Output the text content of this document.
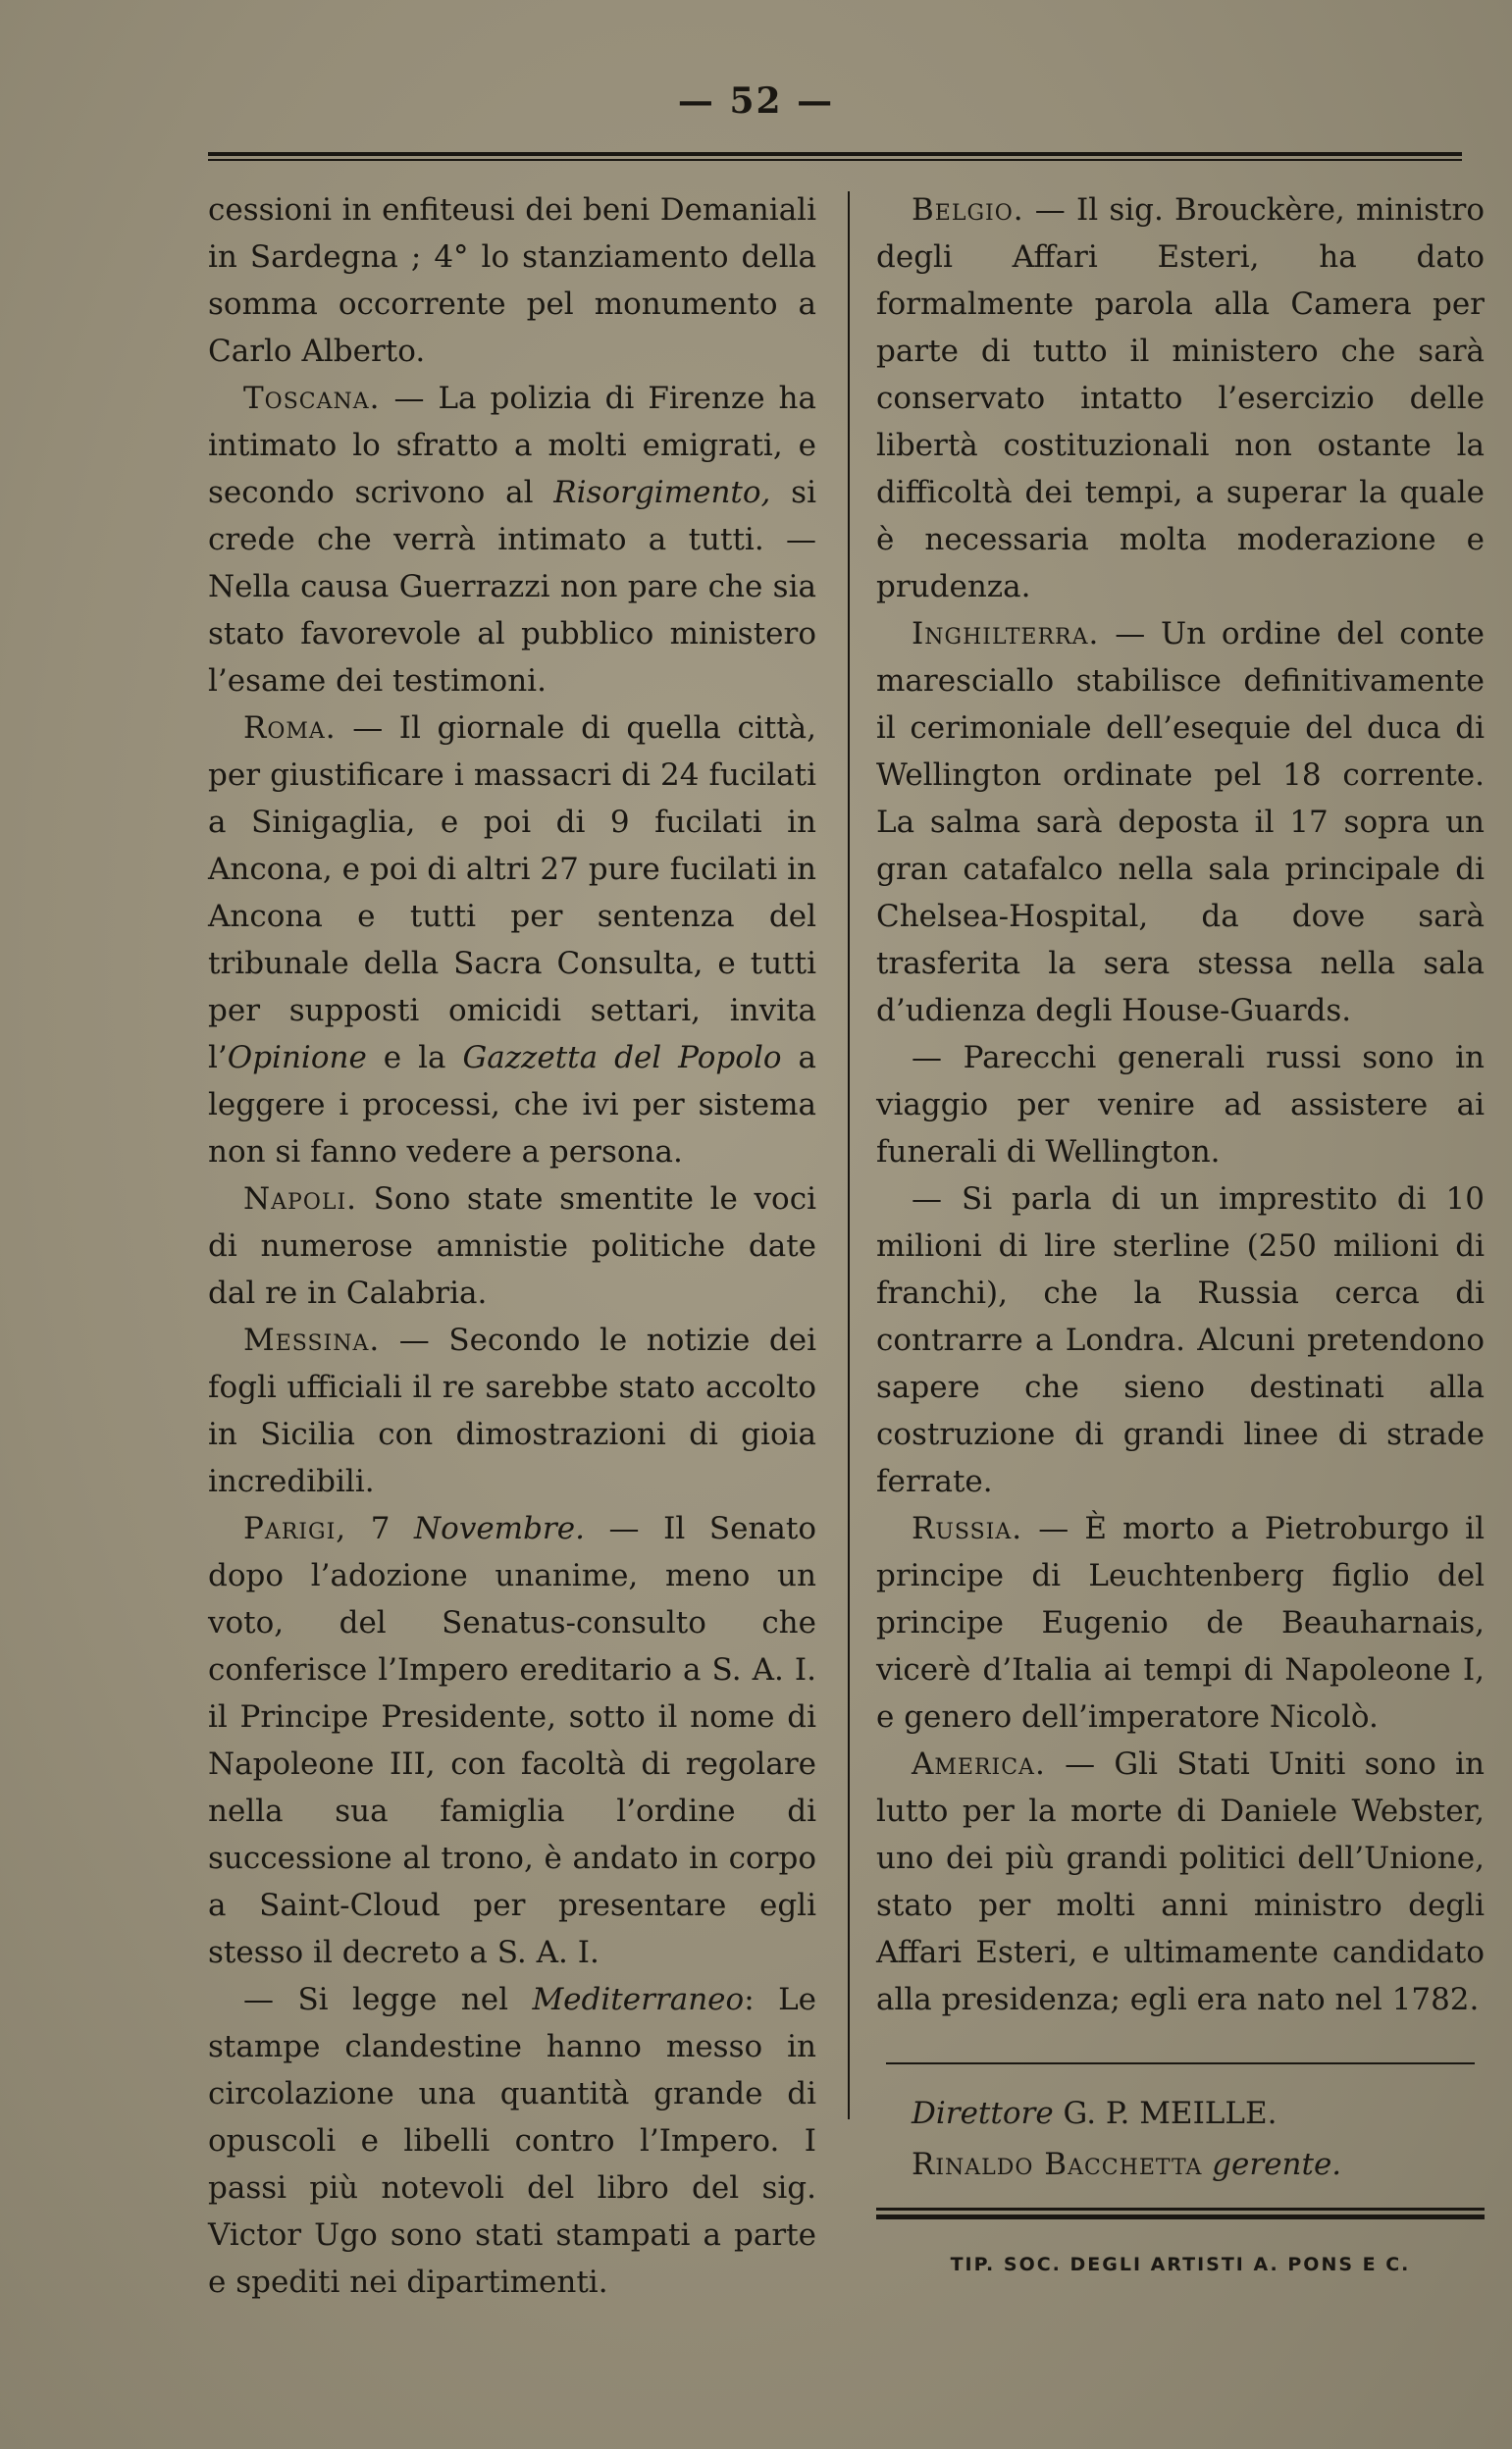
— 52 —

cessioni in enfiteusi dei beni Demaniali in Sardegna ; 4° lo stanziamento della somma occorrente pel monumento a Carlo Alberto.

Toscana. — La polizia di Firenze ha intimato lo sfratto a molti emigrati, e secondo scrivono al Risorgimento, si crede che verrà intimato a tutti. — Nella causa Guerrazzi non pare che sia stato favorevole al pubblico ministero l’esame dei testimoni.

Roma. — Il giornale di quella città, per giustificare i massacri di 24 fucilati a Sinigaglia, e poi di 9 fucilati in Ancona, e poi di altri 27 pure fucilati in Ancona e tutti per sentenza del tribunale della Sacra Consulta, e tutti per supposti omicidi settari, invita l’Opinione e la Gazzetta del Popolo a leggere i processi, che ivi per sistema non si fanno vedere a persona.

Napoli. Sono state smentite le voci di numerose amnistie politiche date dal re in Calabria.

Messina. — Secondo le notizie dei fogli ufficiali il re sarebbe stato accolto in Sicilia con dimostrazioni di gioia incredibili.

Parigi, 7 Novembre. — Il Senato dopo l’adozione unanime, meno un voto, del Senatus-consulto che conferisce l’Impero ereditario a S. A. I. il Principe Presidente, sotto il nome di Napoleone III, con facoltà di regolare nella sua famiglia l’ordine di successione al trono, è andato in corpo a Saint-Cloud per presentare egli stesso il decreto a S. A. I.

— Si legge nel Mediterraneo: Le stampe clandestine hanno messo in circolazione una quantità grande di opuscoli e libelli contro l’Impero. I passi più notevoli del libro del sig. Victor Ugo sono stati stampati a parte e spediti nei dipartimenti.

Belgio. — Il sig. Brouckère, ministro degli Affari Esteri, ha dato formalmente parola alla Camera per parte di tutto il ministero che sarà conservato intatto l’esercizio delle libertà costituzionali non ostante la difficoltà dei tempi, a superar la quale è necessaria molta moderazione e prudenza.

Inghilterra. — Un ordine del conte maresciallo stabilisce definitivamente il cerimoniale dell’esequie del duca di Wellington ordinate pel 18 corrente. La salma sarà deposta il 17 sopra un gran catafalco nella sala principale di Chelsea-Hospital, da dove sarà trasferita la sera stessa nella sala d’udienza degli House-Guards.

— Parecchi generali russi sono in viaggio per venire ad assistere ai funerali di Wellington.

— Si parla di un imprestito di 10 milioni di lire sterline (250 milioni di franchi), che la Russia cerca di contrarre a Londra. Alcuni pretendono sapere che sieno destinati alla costruzione di grandi linee di strade ferrate.

Russia. — È morto a Pietroburgo il principe di Leuchtenberg figlio del principe Eugenio de Beauharnais, vicerè d’Italia ai tempi di Napoleone I, e genero dell’imperatore Nicolò.

America. — Gli Stati Uniti sono in lutto per la morte di Daniele Webster, uno dei più grandi politici dell’Unione, stato per molti anni ministro degli Affari Esteri, e ultimamente candidato alla presidenza; egli era nato nel 1782.

Direttore G. P. MEILLE.

Rinaldo Bacchetta gerente.

TIP. SOC. DEGLI ARTISTI A. PONS E C.
